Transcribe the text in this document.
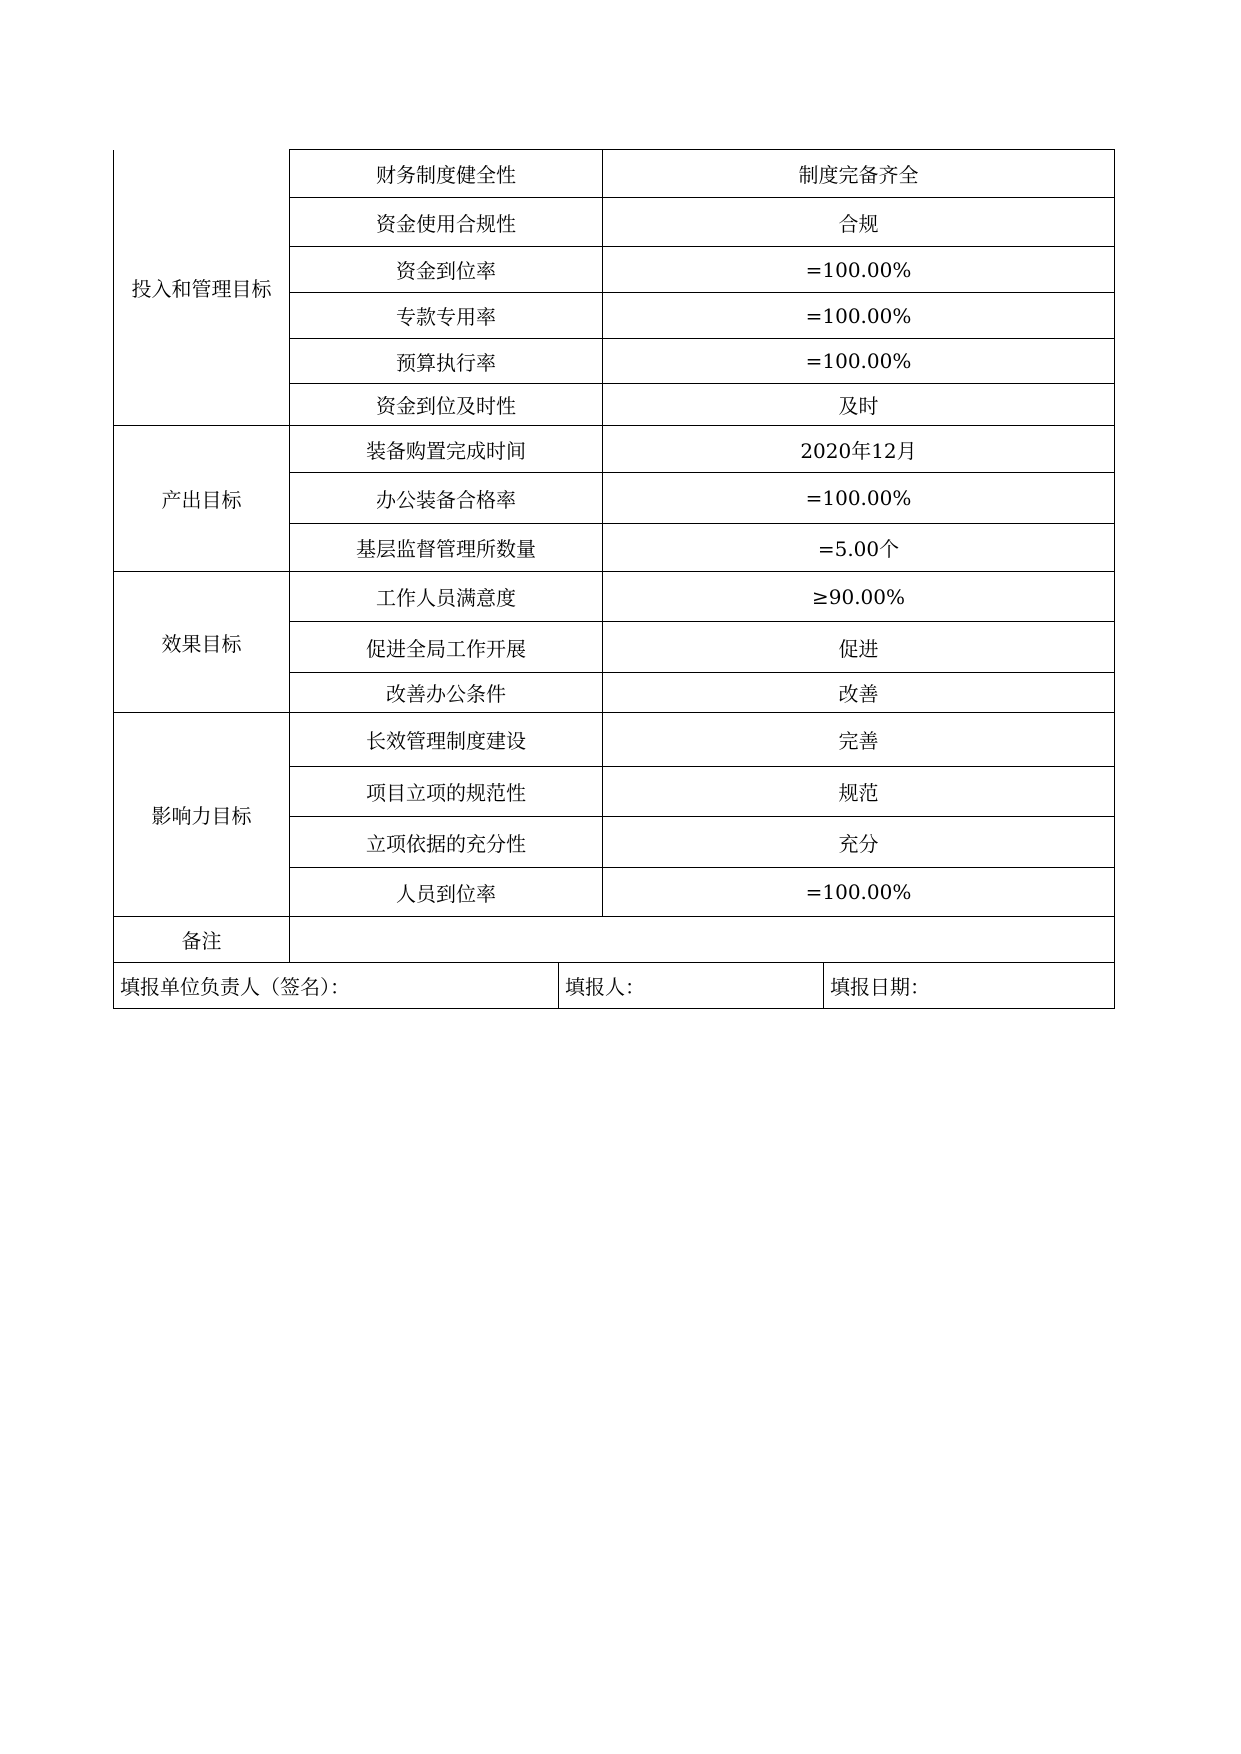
投入和管理目标	财务制度健全性		制度完备齐全	
	资金使用合规性		合规	
	资金到位率		=100.00%	
	专款专用率		=100.00%	
	预算执行率		=100.00%	
	资金到位及时性		及时	
产出目标	装备购置完成时间		2020年12月	
	办公装备合格率		=100.00%	
	基层监督管理所数量		=5.00个	
效果目标	工作人员满意度		≥90.00%	
	促进全局工作开展		促进	
	改善办公条件		改善	
影响力目标	长效管理制度建设		完善	
	项目立项的规范性		规范	
	立项依据的充分性		充分	
	人员到位率		=100.00%	
备注				
填报单位负责人（签名）：		填报人：		填报日期：
